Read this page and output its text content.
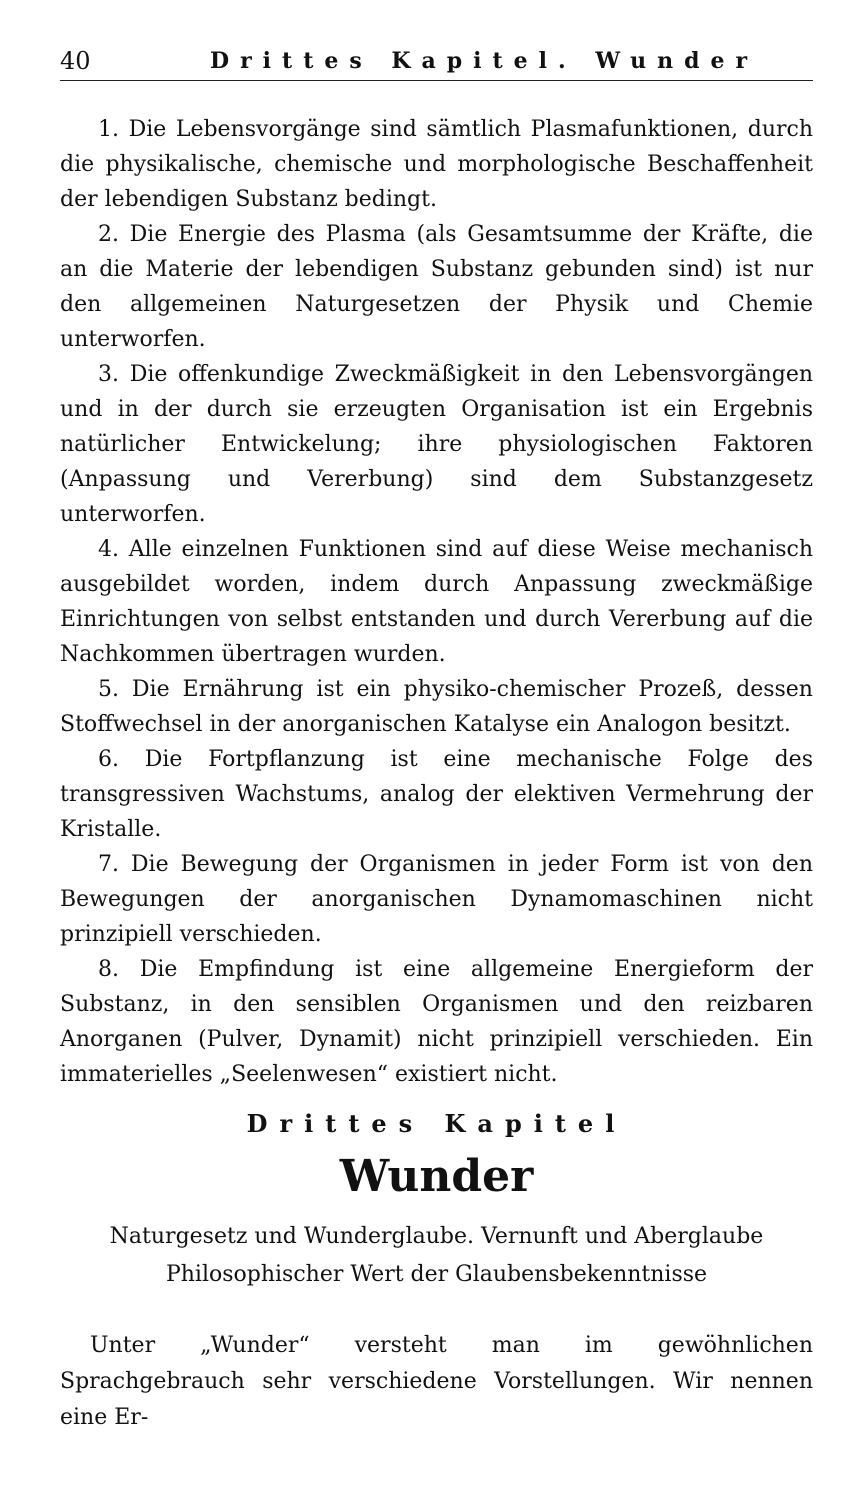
40	Drittes Kapitel. Wunder
1. Die Lebensvorgänge sind sämtlich Plasmafunktionen, durch die physikalische, chemische und morphologische Beschaffenheit der lebendigen Substanz bedingt.
2. Die Energie des Plasma (als Gesamtsumme der Kräfte, die an die Materie der lebendigen Substanz gebunden sind) ist nur den allgemeinen Naturgesetzen der Physik und Chemie unterworfen.
3. Die offenkundige Zweckmäßigkeit in den Lebensvorgängen und in der durch sie erzeugten Organisation ist ein Ergebnis natürlicher Entwickelung; ihre physiologischen Faktoren (Anpassung und Vererbung) sind dem Substanzgesetz unterworfen.
4. Alle einzelnen Funktionen sind auf diese Weise mechanisch ausgebildet worden, indem durch Anpassung zweckmäßige Einrichtungen von selbst entstanden und durch Vererbung auf die Nachkommen übertragen wurden.
5. Die Ernährung ist ein physiko-chemischer Prozeß, dessen Stoffwechsel in der anorganischen Katalyse ein Analogon besitzt.
6. Die Fortpflanzung ist eine mechanische Folge des transgressiven Wachstums, analog der elektiven Vermehrung der Kristalle.
7. Die Bewegung der Organismen in jeder Form ist von den Bewegungen der anorganischen Dynamomaschinen nicht prinzipiell verschieden.
8. Die Empfindung ist eine allgemeine Energieform der Substanz, in den sensiblen Organismen und den reizbaren Anorganen (Pulver, Dynamit) nicht prinzipiell verschieden. Ein immaterielles „Seelenwesen“ existiert nicht.
Drittes Kapitel
Wunder
Naturgesetz und Wunderglaube. Vernunft und Aberglaube
Philosophischer Wert der Glaubensbekenntnisse

Unter „Wunder“ versteht man im gewöhnlichen Sprachgebrauch sehr verschiedene Vorstellungen. Wir nennen eine Er-
